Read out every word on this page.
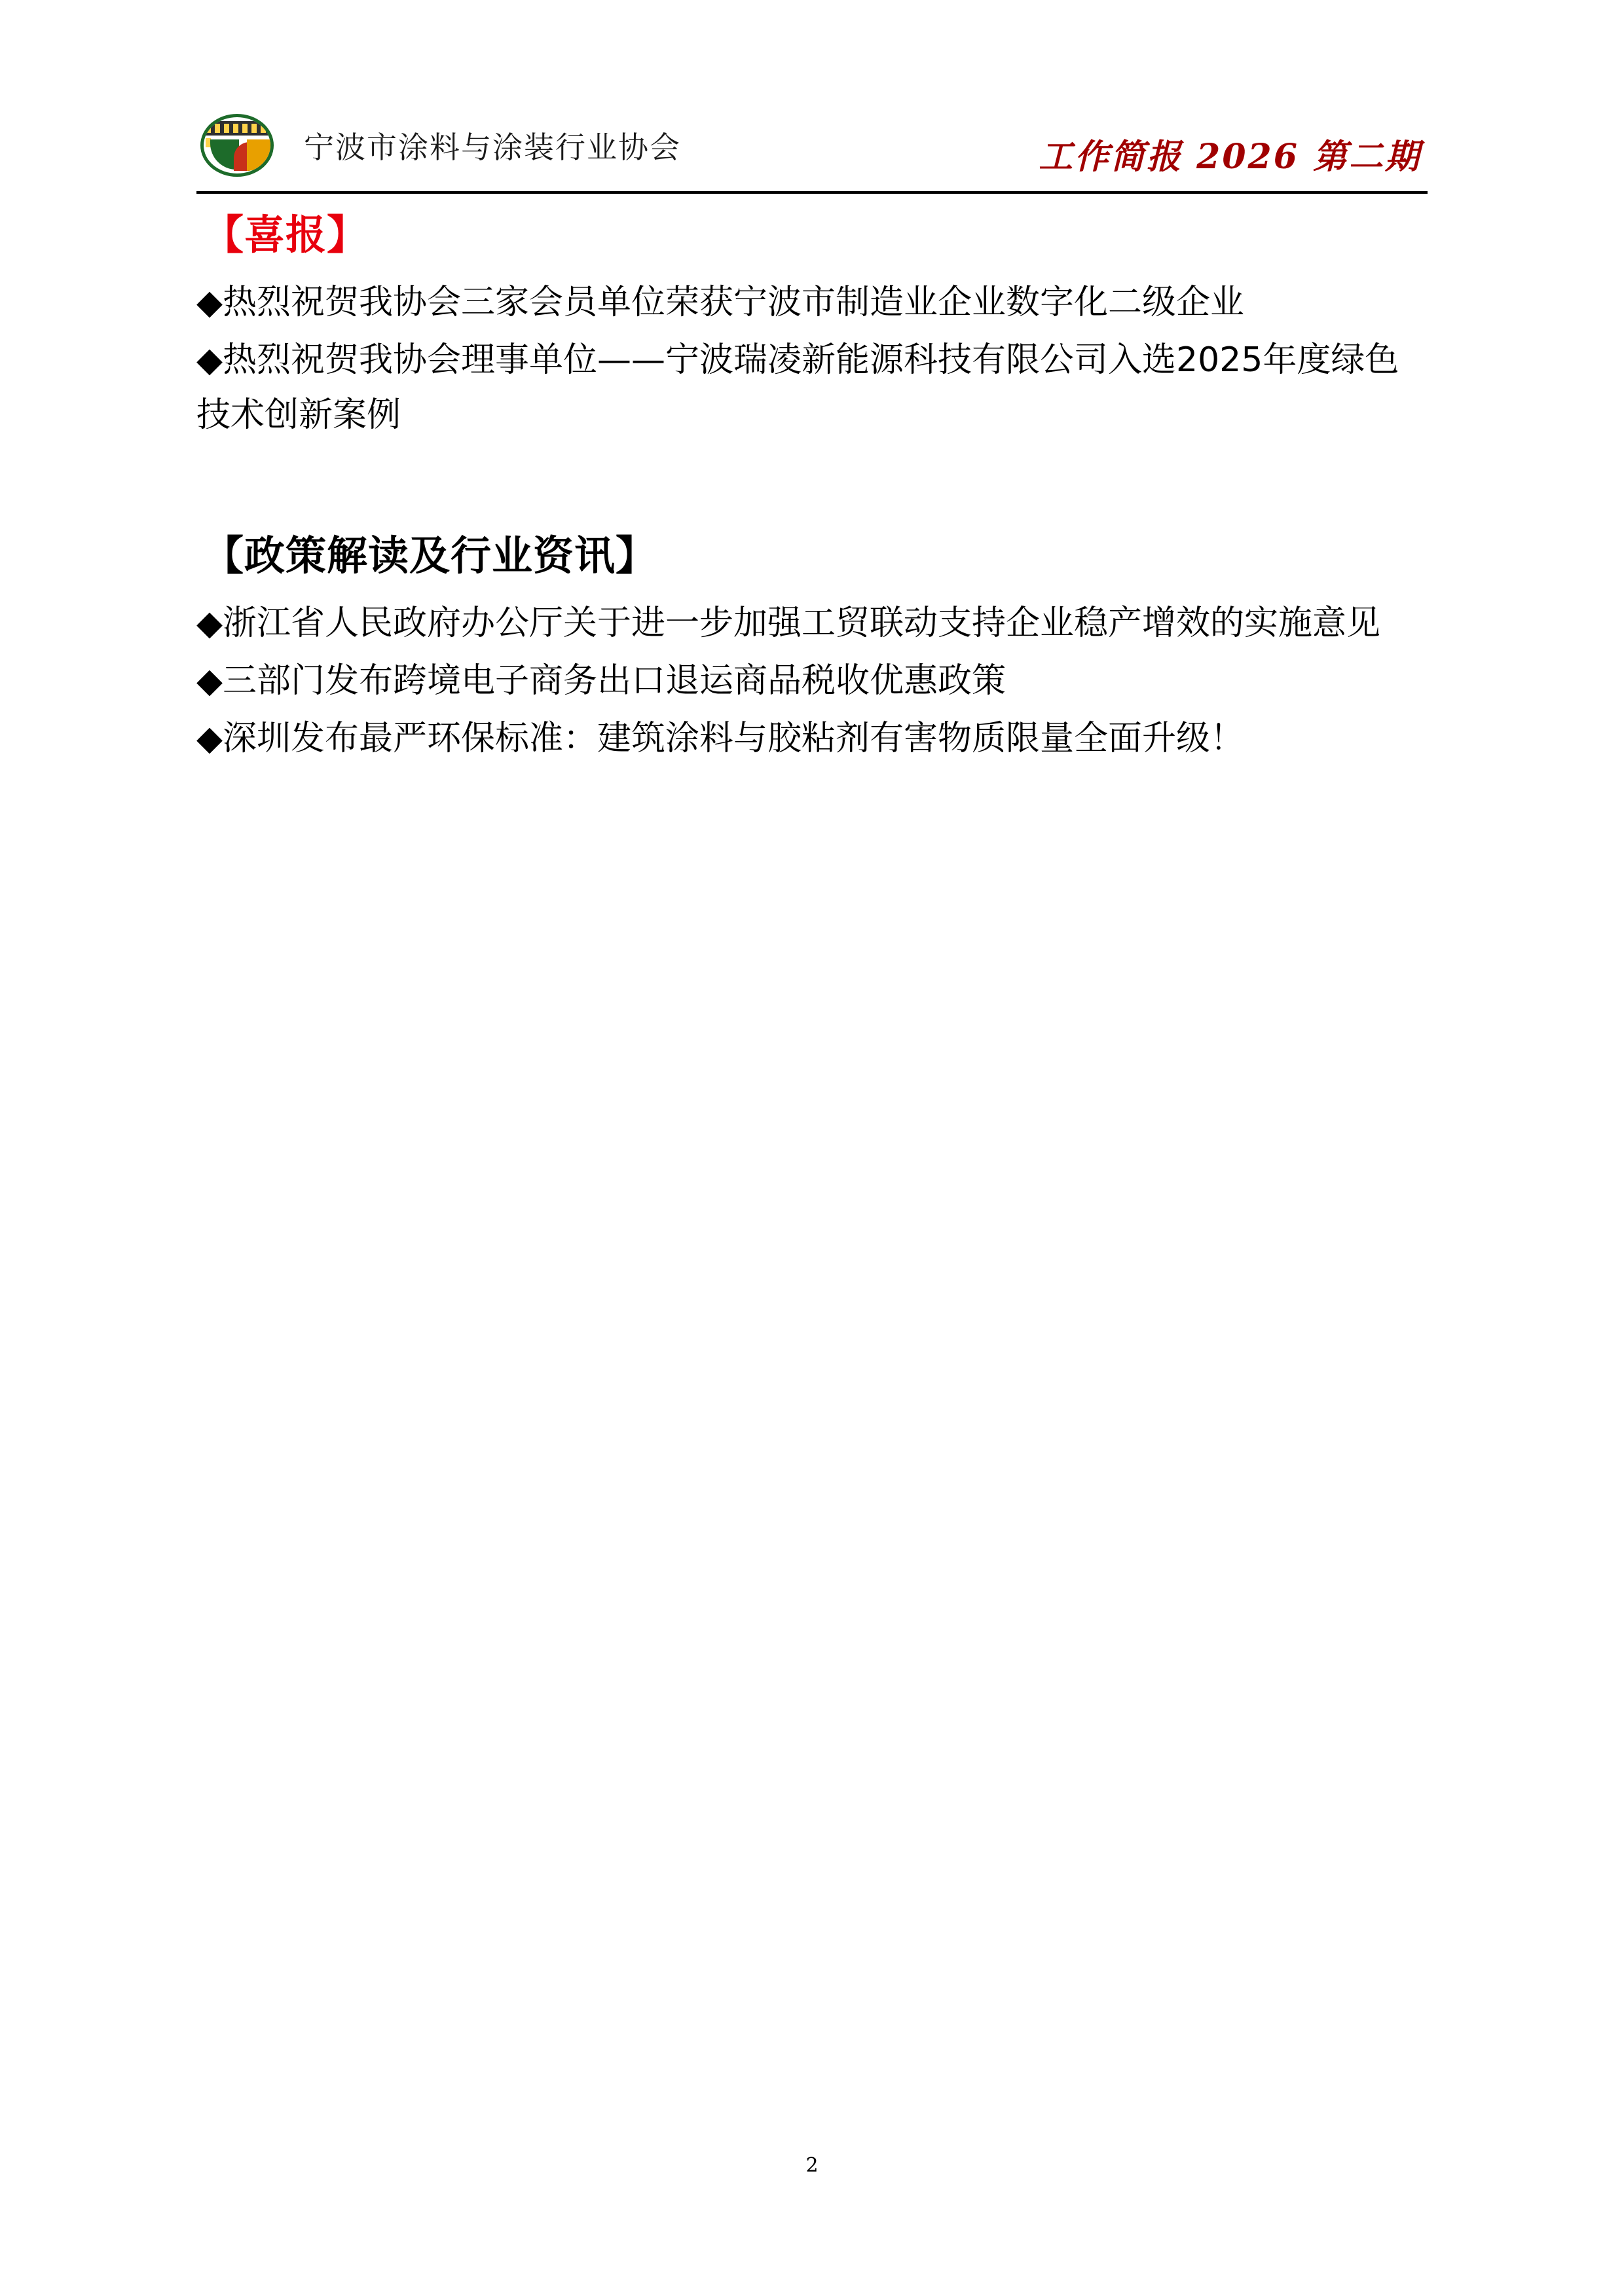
宁波市涂料与涂装行业协会	工作简报 2026 第二期
【喜报】

◆热烈祝贺我协会三家会员单位荣获宁波市制造业企业数字化二级企业

◆热烈祝贺我协会理事单位——宁波瑞凌新能源科技有限公司入选2025年度绿色技术创新案例

【政策解读及行业资讯】

◆浙江省人民政府办公厅关于进一步加强工贸联动支持企业稳产增效的实施意见

◆三部门发布跨境电子商务出口退运商品税收优惠政策

◆深圳发布最严环保标准：建筑涂料与胶粘剂有害物质限量全面升级！

2
